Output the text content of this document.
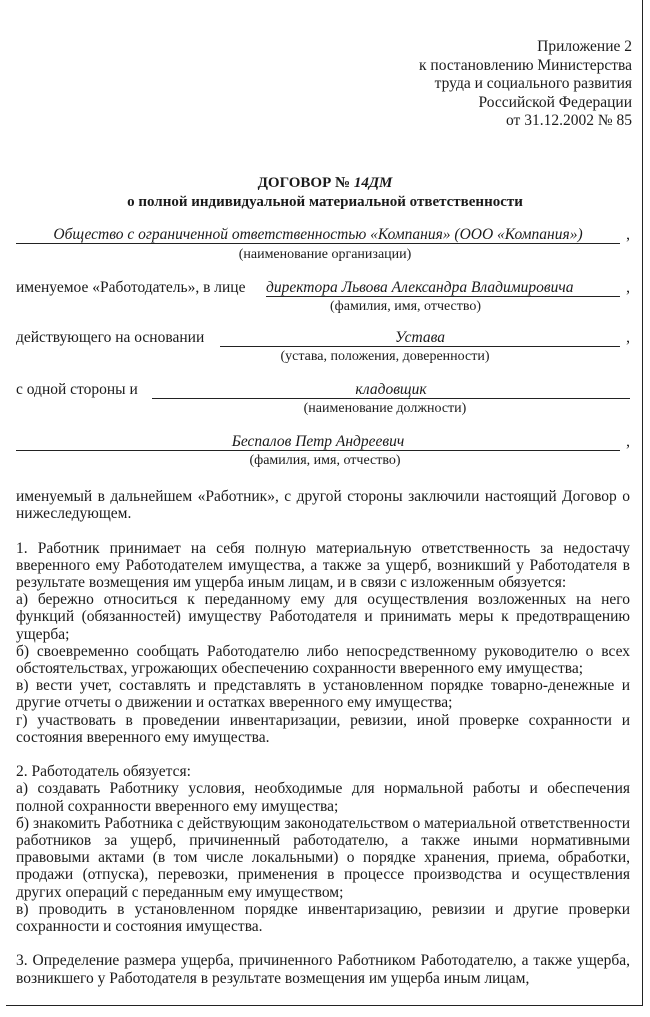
Приложение 2
к постановлению Министерства
труда и социального развития
Российской Федерации
от 31.12.2002 № 85
ДОГОВОР № 14ДМ
о полной индивидуальной материальной ответственности
Общество с ограниченной ответственностью «Компания» (ООО «Компания»)	,
(наименование организации)
именуемое «Работодатель», в лице директора Львова Александра Владимировича	,
(фамилия, имя, отчество)
действующего на основании	Устава	,
(устава, положения, доверенности)
с одной стороны и	кладовщик
(наименование должности)
Беспалов Петр Андреевич	,
(фамилия, имя, отчество)

именуемый в дальнейшем «Работник», с другой стороны заключили настоящий Договор о нижеследующем.

1. Работник принимает на себя полную материальную ответственность за недостачу вверенного ему Работодателем имущества, а также за ущерб, возникший у Работодателя в результате возмещения им ущерба иным лицам, и в связи с изложенным обязуется:

а) бережно относиться к переданному ему для осуществления возложенных на него функций (обязанностей) имуществу Работодателя и принимать меры к предотвращению ущерба;

б) своевременно сообщать Работодателю либо непосредственному руководителю о всех обстоятельствах, угрожающих обеспечению сохранности вверенного ему имущества;

в) вести учет, составлять и представлять в установленном порядке товарно-денежные и другие отчеты о движении и остатках вверенного ему имущества;

г) участвовать в проведении инвентаризации, ревизии, иной проверке сохранности и состояния вверенного ему имущества.

2. Работодатель обязуется:

а) создавать Работнику условия, необходимые для нормальной работы и обеспечения полной сохранности вверенного ему имущества;

б) знакомить Работника с действующим законодательством о материальной ответственности работников за ущерб, причиненный работодателю, а также иными нормативными правовыми актами (в том числе локальными) о порядке хранения, приема, обработки, продажи (отпуска), перевозки, применения в процессе производства и осуществления других операций с переданным ему имуществом;

в) проводить в установленном порядке инвентаризацию, ревизии и другие проверки сохранности и состояния имущества.

3. Определение размера ущерба, причиненного Работником Работодателю, а также ущерба, возникшего у Работодателя в результате возмещения им ущерба иным лицам,
